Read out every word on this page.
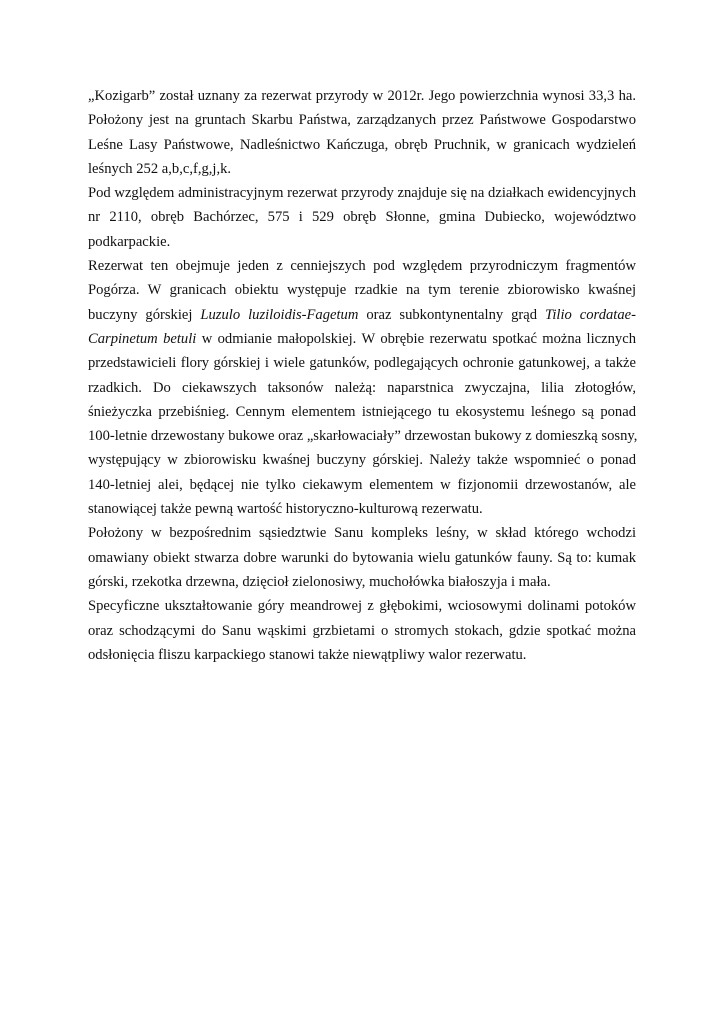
„Kozigarb” został uznany za rezerwat przyrody w 2012r. Jego powierzchnia wynosi 33,3 ha.
Położony jest na gruntach Skarbu Państwa, zarządzanych przez Państwowe Gospodarstwo
Leśne Lasy Państwowe, Nadleśnictwo Kańczuga, obręb Pruchnik, w granicach wydzieleń
leśnych 252 a,b,c,f,g,j,k.
Pod względem administracyjnym rezerwat przyrody znajduje się na działkach ewidencyjnych
nr 2110, obręb Bachórzec, 575 i 529 obręb Słonne, gmina Dubiecko, województwo
podkarpackie.
Rezerwat ten obejmuje jeden z cenniejszych pod względem przyrodniczym fragmentów
Pogórza. W granicach obiektu występuje rzadkie na tym terenie zbiorowisko kwaśnej
buczyny górskiej Luzulo luziloidis-Fagetum oraz subkontynentalny grąd Tilio cordatae-
Carpinetum betuli w odmianie małopolskiej. W obrębie rezerwatu spotkać można licznych
przedstawicieli flory górskiej i wiele gatunków, podlegających ochronie gatunkowej, a także
rzadkich. Do ciekawszych taksonów należą: naparstnica zwyczajna, lilia złotogłów,
śnieżyczka przebiśnieg. Cennym elementem istniejącego tu ekosystemu leśnego są ponad
100-letnie drzewostany bukowe oraz „skarłowaciały” drzewostan bukowy z domieszką sosny,
występujący w zbiorowisku kwaśnej buczyny górskiej. Należy także wspomnieć o ponad
140-letniej alei, będącej nie tylko ciekawym elementem w fizjonomii drzewostanów, ale
stanowiącej także pewną wartość historyczno-kulturową rezerwatu.
Położony w bezpośrednim sąsiedztwie Sanu kompleks leśny, w skład którego wchodzi
omawiany obiekt stwarza dobre warunki do bytowania wielu gatunków fauny. Są to: kumak
górski, rzekotka drzewna, dzięcioł zielonosiwy, muchołówka białoszyja i mała.
Specyficzne ukształtowanie góry meandrowej z głębokimi, wciosowymi dolinami potoków
oraz schodzącymi do Sanu wąskimi grzbietami o stromych stokach, gdzie spotkać można
odsłonięcia fliszu karpackiego stanowi także niewątpliwy walor rezerwatu.
